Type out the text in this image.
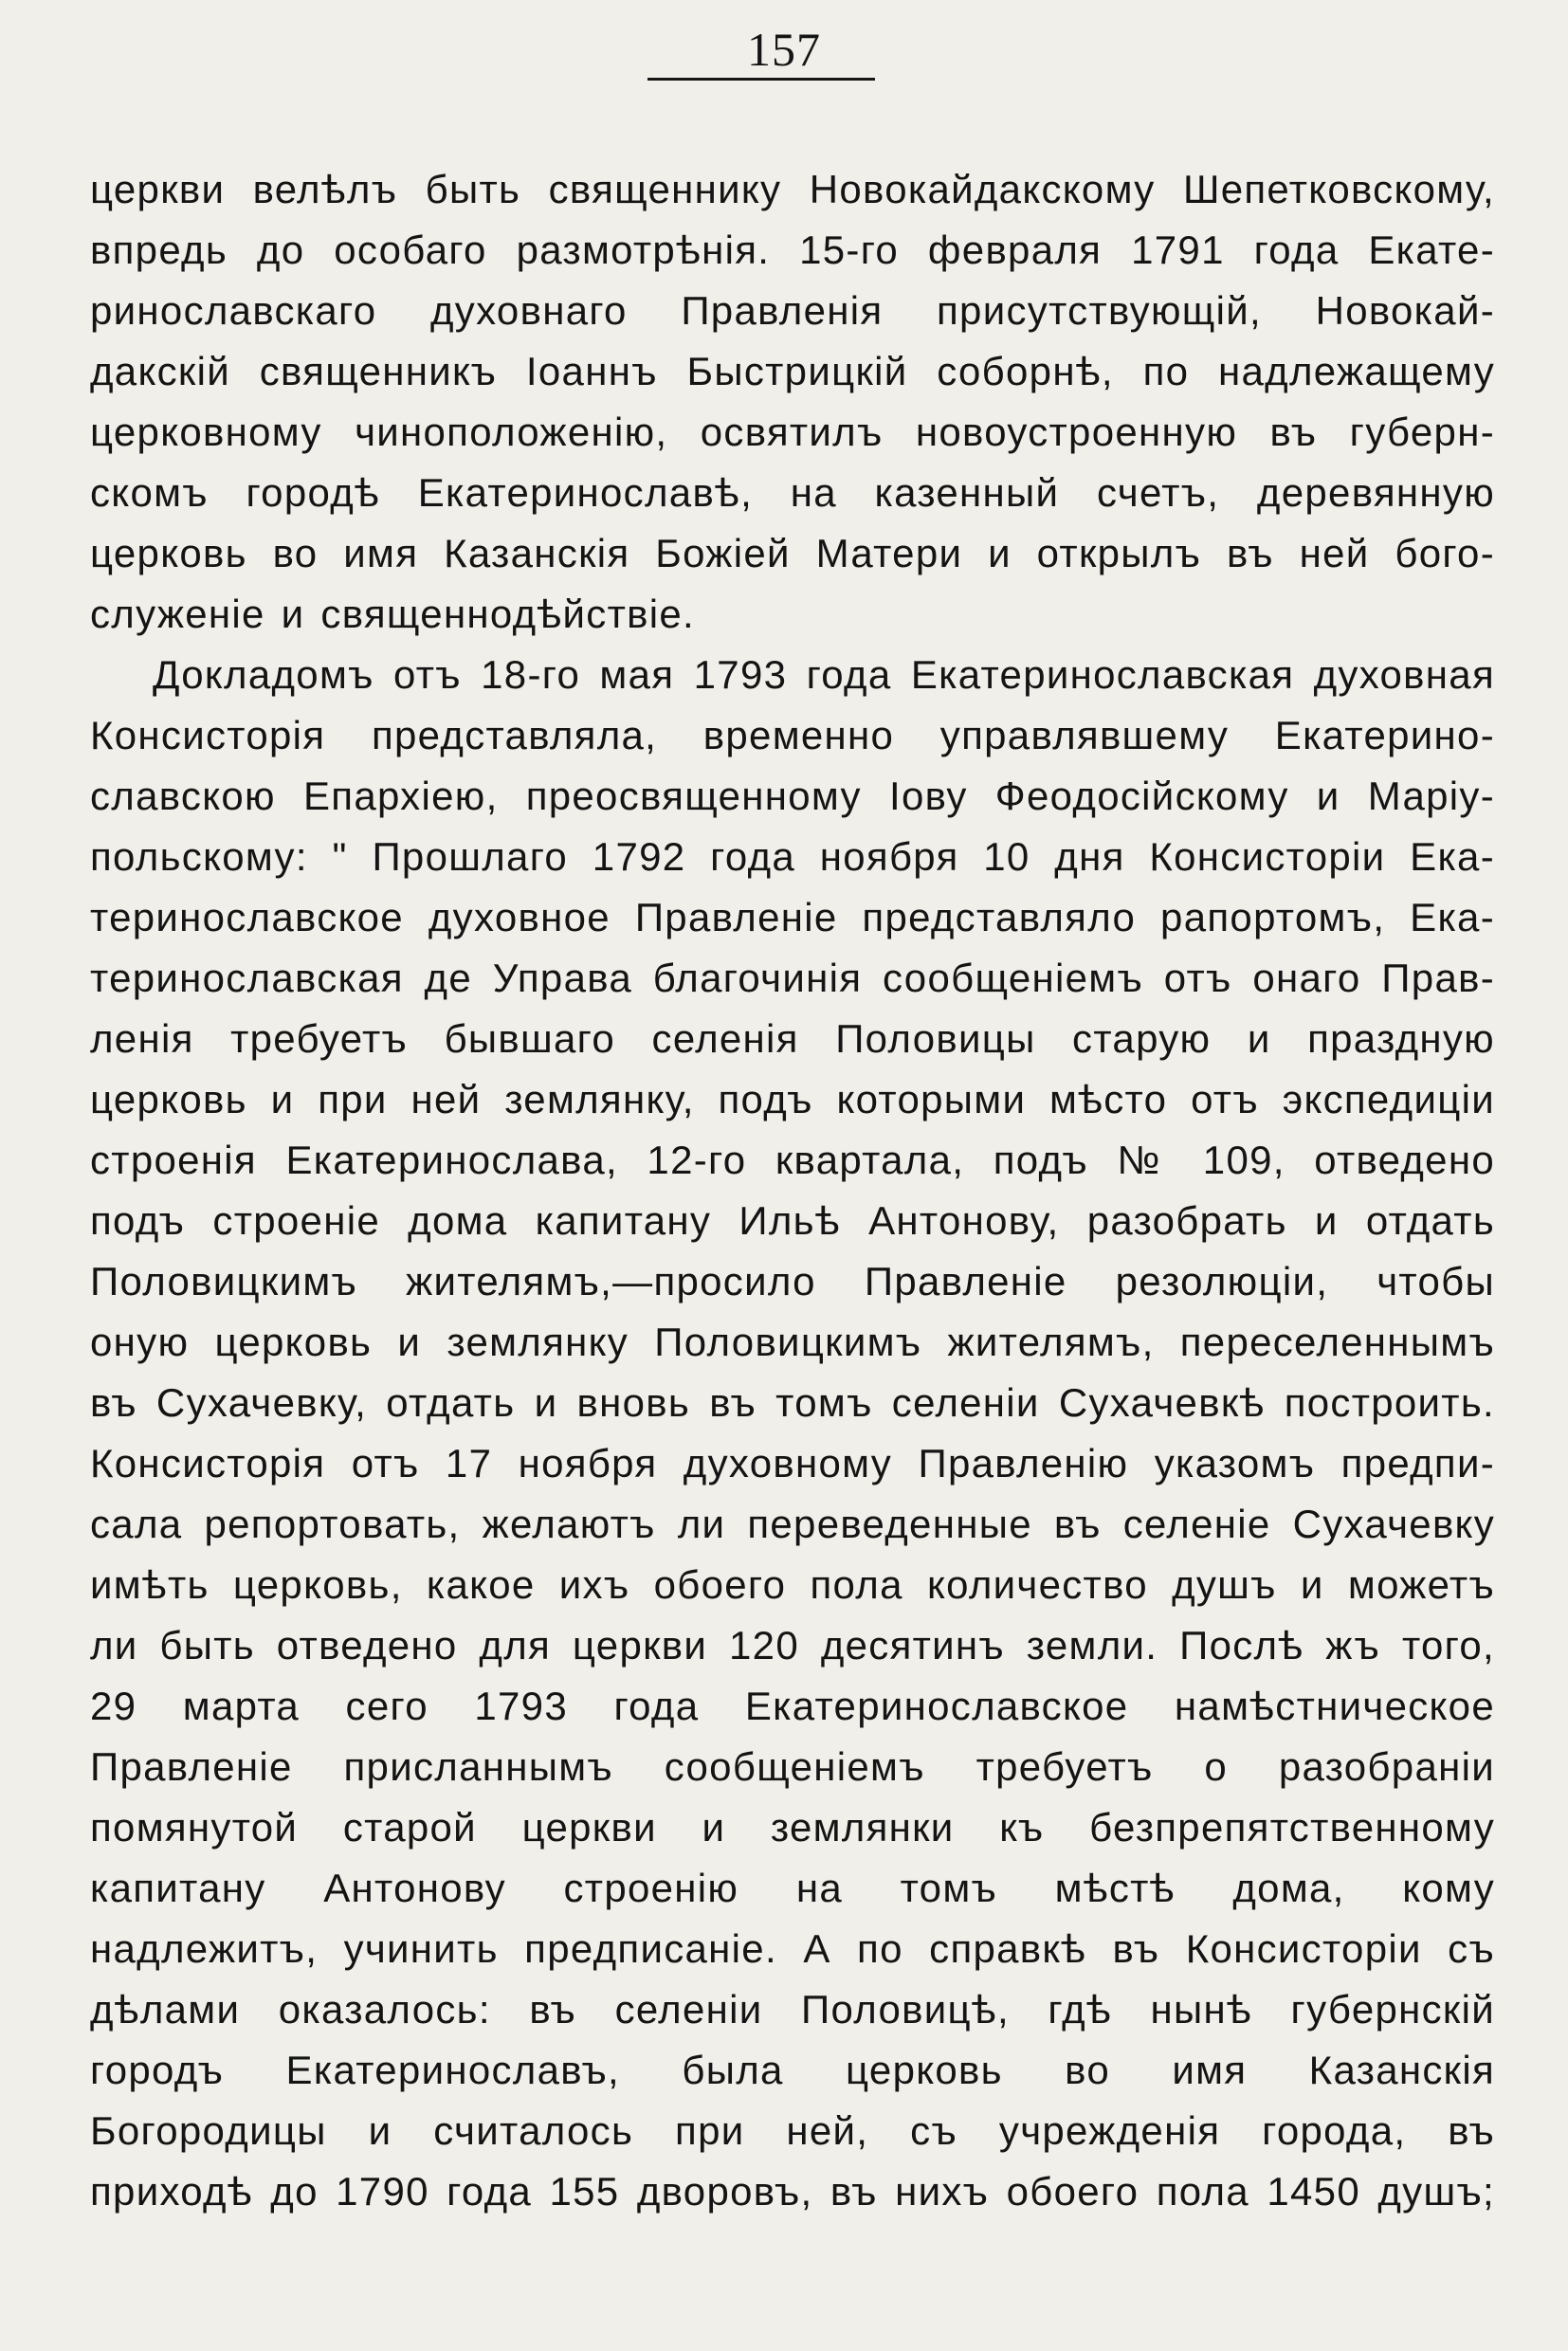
157
церкви велѣлъ быть священнику Новокайдакскому Шепетковскому,
впредь до особаго размотрѣнія. 15-го февраля 1791 года Екате-
ринославскаго духовнаго Правленія присутствующій, Новокай-
дакскій священникъ Іоаннъ Быстрицкій соборнѣ, по надлежащему
церковному чиноположенію, освятилъ новоустроенную въ губерн-
скомъ городѣ Екатеринославѣ, на казенный счетъ, деревянную
церковь во имя Казанскія Божіей Матери и открылъ въ ней бого-
служеніе и священнодѣйствіе.
Докладомъ отъ 18-го мая 1793 года Екатеринославская духовная
Консисторія представляла, временно управлявшему Екатерино-
славскою Епархіею, преосвященному Іову Феодосійскому и Маріу-
польскому: " Прошлаго 1792 года ноября 10 дня Консисторіи Ека-
теринославское духовное Правленіе представляло рапортомъ, Ека-
теринославская де Управа благочинія сообщеніемъ отъ онаго Прав-
ленія требуетъ бывшаго селенія Половицы старую и праздную
церковь и при ней землянку, подъ которыми мѣсто отъ экспедиціи
строенія Екатеринослава, 12-го квартала, подъ № 109, отведено
подъ строеніе дома капитану Ильѣ Антонову, разобрать и отдать
Половицкимъ жителямъ,—просило Правленіе резолюціи, чтобы
оную церковь и землянку Половицкимъ жителямъ, переселеннымъ
въ Сухачевку, отдать и вновь въ томъ селеніи Сухачевкѣ построить.
Консисторія отъ 17 ноября духовному Правленію указомъ предпи-
сала репортовать, желаютъ ли переведенные въ селеніе Сухачевку
имѣть церковь, какое ихъ обоего пола количество душъ и можетъ
ли быть отведено для церкви 120 десятинъ земли. Послѣ жъ того,
29 марта сего 1793 года Екатеринославское намѣстническое
Правленіе присланнымъ сообщеніемъ требуетъ о разобраніи
помянутой старой церкви и землянки къ безпрепятственному
капитану Антонову строенію на томъ мѣстѣ дома, кому
надлежитъ, учинить предписаніе. А по справкѣ въ Консисторіи съ
дѣлами оказалось: въ селеніи Половицѣ, гдѣ нынѣ губернскій
городъ Екатеринославъ, была церковь во имя Казанскія
Богородицы и считалось при ней, съ учрежденія города, въ
приходѣ до 1790 года 155 дворовъ, въ нихъ обоего пола 1450 душъ;
